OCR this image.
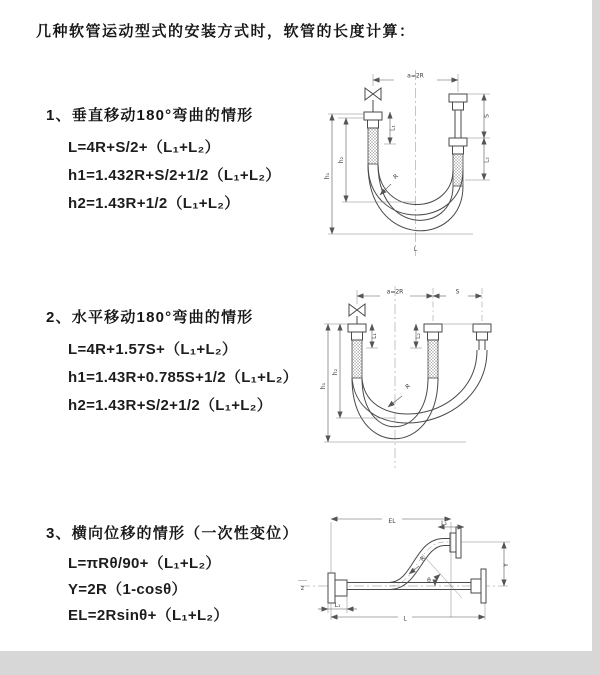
几种软管运动型式的安装方式时，软管的长度计算：
1、垂直移动180°弯曲的情形
L=4R+S/2+（L₁+L₂）
h1=1.432R+S/2+1/2（L₁+L₂）
h2=1.43R+1/2（L₁+L₂）
2、水平移动180°弯曲的情形
L=4R+1.57S+（L₁+L₂）
h1=1.43R+0.785S+1/2（L₁+L₂）
h2=1.43R+S/2+1/2（L₁+L₂）
3、横向位移的情形（一次性变位）
L=πRθ/90+（L₁+L₂）
Y=2R（1-cosθ）
EL=2Rsinθ+（L₁+L₂）
a=2R
h₁
h₂
L₁
S
L₂
R
L
a=2R	S
h₁
h₂
L₁	L₂
R
z
EL	L₂
R
Y
θ
L
L₁
